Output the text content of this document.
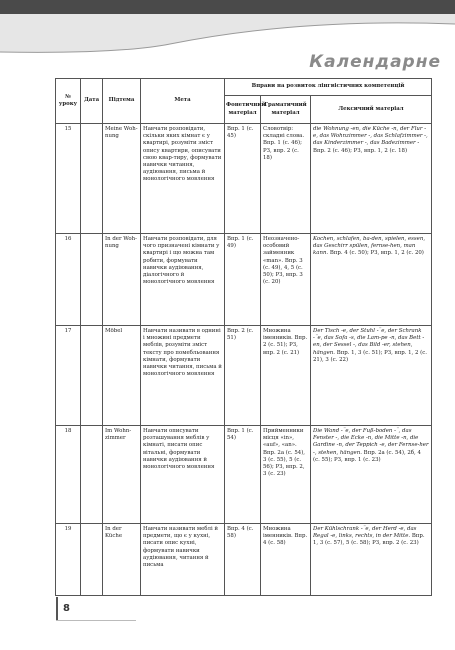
Календарне
№ уроку	Дата	Підтема	Мета	Вправи на розвиток лінгвістичних компетенцій		
				Фонетичний матеріал	Граматичний матеріал	Лексичний матеріал
15		Meine Woh-nung	Навчати розповідати, скільки яких кімнат є у квартирі, розуміти зміст опису квартири, описувати свою квар-тиру, формувати навички читання, аудіювання, письма й монологічного мовлення	Впр. 1 (с. 45)	Словотвір: складні слова. Впр. 1 (с. 46); РЗ, впр. 2 (с. 18)	die Wohnung -en, die Küche -n, der Flur -e, das Wohnzimmer -, das Schlafzimmer -, das Kinderzimmer -, das Badezimmer - Впр. 2 (с. 46); РЗ, впр. 1, 2 (с. 18)
16		In der Woh-nung	Навчати розповідати, для чого призначені кімнати у квартирі і що можна там робити, формувати навички аудіювання, діалогічного й монологічного мовлення	Впр. 1 (с. 49)	Неозначено-особовий займенник «man». Впр. 3 (с. 49), 4, 5 (с. 50); РЗ, впр. 3 (с. 20)	Kochen, schlafen, ba-den, spielen, essen, das Geschirr spülen, fernse-hen, man kann. Впр. 4 (с. 50); РЗ, впр. 1, 2 (с. 20)
17		Möbel	Навчати називати в однині і множині предмети меблів, розуміти зміст тексту про помебльовання кімнати, формувати навички читання, письма й монологічного мовлення	Впр. 2 (с. 51)	Множина іменників. Впр. 2 (с. 51); РЗ, впр. 2 (с. 21)	Der Tisch -e, der Stuhl -¨e, der Schrank -¨e, das Sofa -s, die Lam-pe -n, das Bett -en, der Sessel -, das Bild -er, stehen, hängen. Впр. 1, 3 (с. 51); РЗ, впр. 1, 2 (с. 21), 3 (с. 22)
18		Im Wohn-zimmer	Навчати описувати розташування меблів у кімнаті, писати опис вітальні, формувати навички аудіювання й монологічного мовлення	Впр. 1 (с. 54)	Прийменники місця «in», «auf», «an». Впр. 2а (с. 54), 3 (с. 55), 5 (с. 56); РЗ, впр. 2, 3 (с. 23)	Die Wand -¨e, der Fuß-boden -¨, das Fenster -, die Ecke -n, die Mitte -n, die Gardine -n, der Teppich -e, der Fernse-her -, stehen, hängen. Впр. 2а (с. 54), 2б, 4 (с. 55); РЗ, впр. 1 (с. 23)
19		In der Küche	Навчати називати меблі й предмети, що є у кухні, писати опис кухні, формувати навички аудіювання, читання й письма	Впр. 4 (с. 58)	Множина іменників. Впр. 4 (с. 58)	Der Kühlschrank -¨e, der Herd -e, das Regal -e, links, rechts, in der Mitte. Впр. 1, 3 (с. 57), 5 (с. 58); РЗ, впр. 2 (с. 23)
8
